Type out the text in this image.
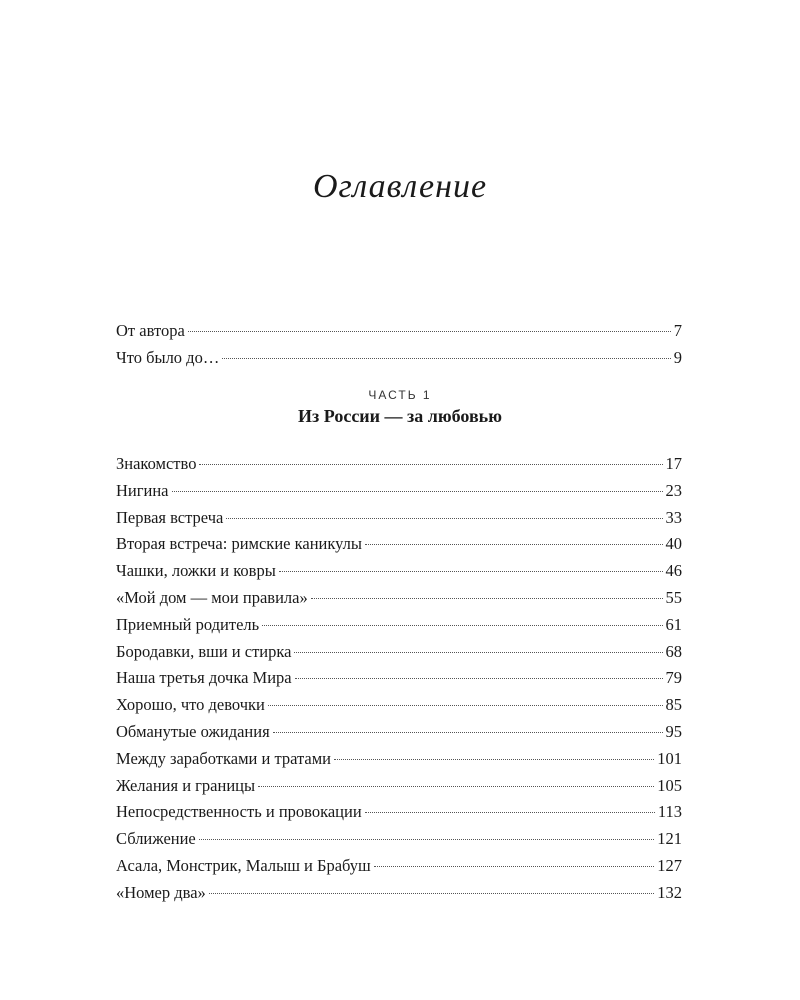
Оглавление
От автора	7
Что было до…	9
ЧАСТЬ 1
Из России — за любовью
Знакомство	17
Нигина	23
Первая встреча	33
Вторая встреча: римские каникулы	40
Чашки, ложки и ковры	46
«Мой дом — мои правила»	55
Приемный родитель	61
Бородавки, вши и стирка	68
Наша третья дочка Мира	79
Хорошо, что девочки	85
Обманутые ожидания	95
Между заработками и тратами	101
Желания и границы	105
Непосредственность и провокации	113
Сближение	121
Асала, Монстрик, Малыш и Брабуш	127
«Номер два»	132
